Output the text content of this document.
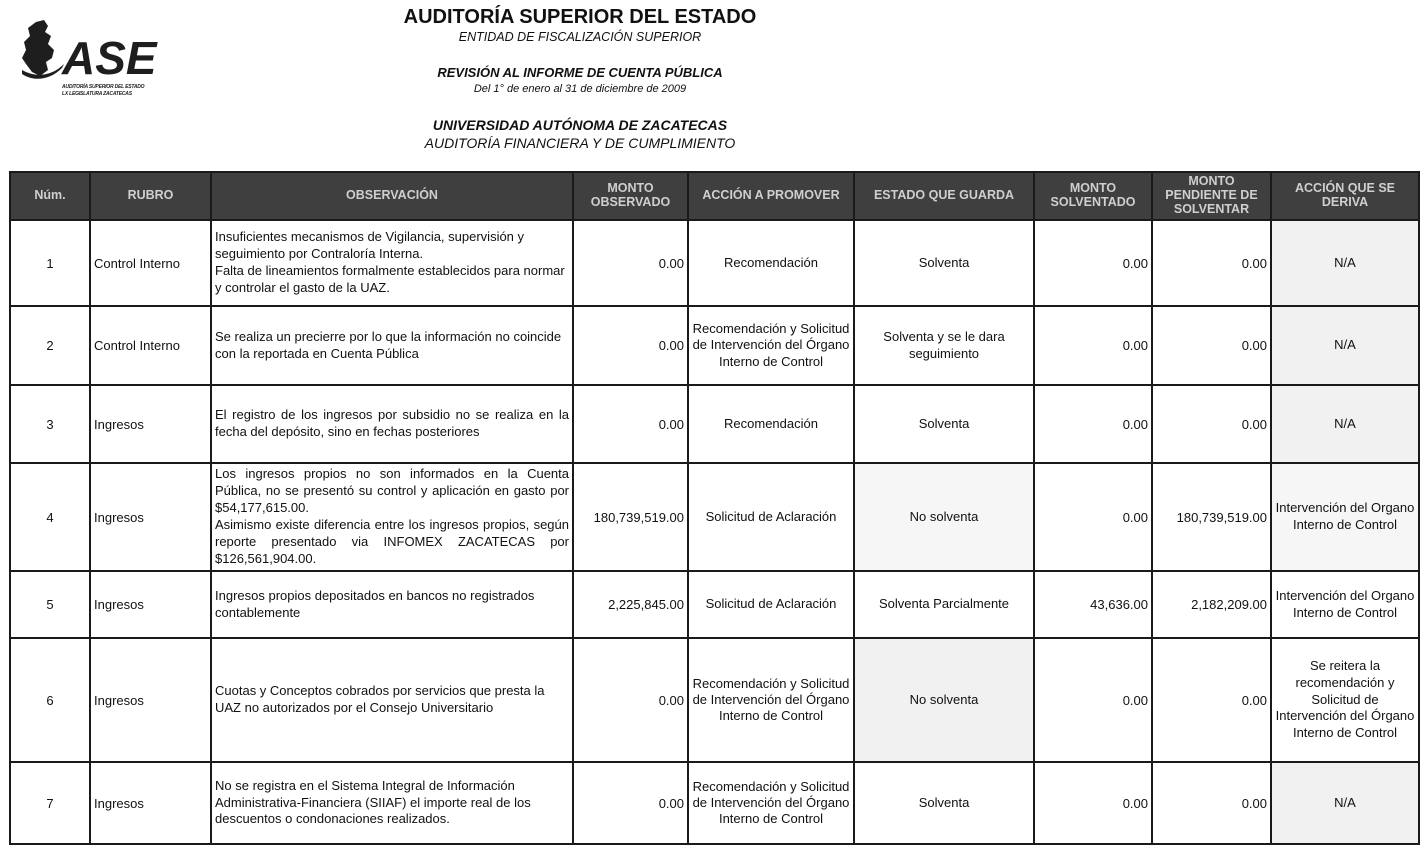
ASE
AUDITORÍA SUPERIOR DEL ESTADO
LX LEGISLATURA ZACATECAS
AUDITORÍA SUPERIOR DEL ESTADO
ENTIDAD DE FISCALIZACIÓN SUPERIOR
REVISIÓN AL INFORME DE CUENTA PÚBLICA
Del 1° de enero al 31 de diciembre de 2009
UNIVERSIDAD AUTÓNOMA DE ZACATECAS
AUDITORÍA FINANCIERA Y DE CUMPLIMIENTO
Núm.	RUBRO	OBSERVACIÓN	MONTO OBSERVADO	ACCIÓN A PROMOVER	ESTADO QUE GUARDA	MONTO SOLVENTADO	MONTO PENDIENTE DE SOLVENTAR	ACCIÓN QUE SE DERIVA
1	Control Interno	Insuficientes mecanismos de Vigilancia, supervisión y seguimiento por Contraloría Interna.
Falta de lineamientos formalmente establecidos para normar y controlar el gasto de la UAZ.	0.00	Recomendación	Solventa	0.00	0.00	N/A
2	Control Interno	Se realiza un precierre por lo que la información no coincide con la reportada en Cuenta Pública	0.00	Recomendación y Solicitud de Intervención del Órgano Interno de Control	Solventa y se le dara seguimiento	0.00	0.00	N/A
3	Ingresos	El registro de los ingresos por subsidio no se realiza en la fecha del depósito, sino en fechas posteriores	0.00	Recomendación	Solventa	0.00	0.00	N/A
4	Ingresos	Los ingresos propios no son informados en la Cuenta Pública, no se presentó su control y aplicación en gasto por $54,177,615.00.
Asimismo existe diferencia entre los ingresos propios, según reporte presentado via INFOMEX ZACATECAS por $126,561,904.00.	180,739,519.00	Solicitud de Aclaración	No solventa	0.00	180,739,519.00	Intervención del Organo Interno de Control
5	Ingresos	Ingresos propios depositados en bancos no registrados contablemente	2,225,845.00	Solicitud de Aclaración	Solventa Parcialmente	43,636.00	2,182,209.00	Intervención del Organo Interno de Control
6	Ingresos	Cuotas y Conceptos cobrados por servicios que presta la UAZ no autorizados por el Consejo Universitario	0.00	Recomendación y Solicitud de Intervención del Órgano Interno de Control	No solventa	0.00	0.00	Se reitera la recomendación y Solicitud de Intervención del Órgano Interno de Control
7	Ingresos	No se registra en el Sistema Integral de Información Administrativa-Financiera (SIIAF) el importe real de los descuentos o condonaciones realizados.	0.00	Recomendación y Solicitud de Intervención del Órgano Interno de Control	Solventa	0.00	0.00	N/A
